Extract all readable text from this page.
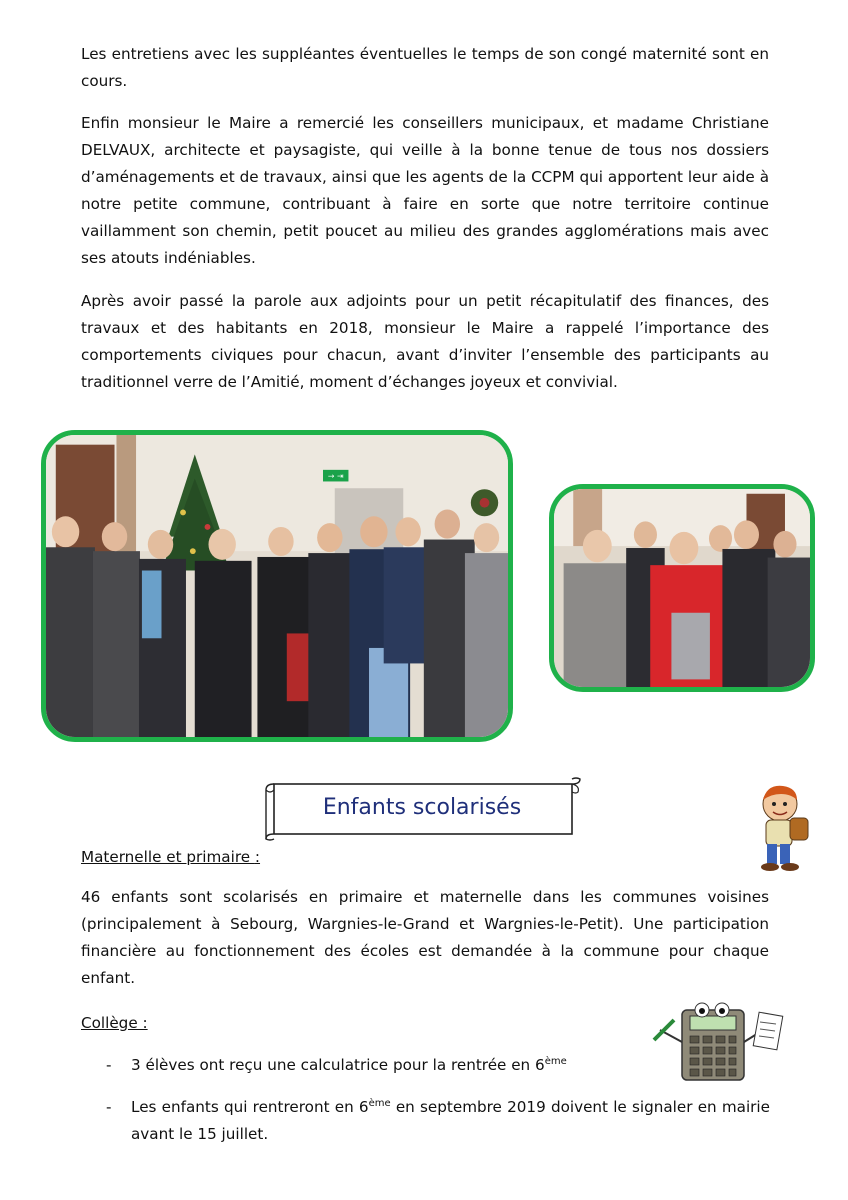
Les entretiens avec les suppléantes éventuelles le temps de son congé maternité sont en cours.

Enfin monsieur le Maire a remercié les conseillers municipaux, et madame Christiane DELVAUX, architecte et paysagiste, qui veille à la bonne tenue de tous nos dossiers d’aménagements et de travaux, ainsi que les agents de la CCPM qui apportent leur aide à notre petite commune, contribuant à faire en sorte que notre territoire continue vaillamment son chemin, petit poucet au milieu des grandes agglomérations mais avec ses atouts indéniables.

Après avoir passé la parole aux adjoints pour un petit récapitulatif des finances, des travaux et des habitants en 2018, monsieur le Maire a rappelé l’importance des comportements civiques pour chacun, avant d’inviter l’ensemble des participants au traditionnel verre de l’Amitié, moment d’échanges joyeux et convivial.

→ ⇥
Enfants scolarisés

Maternelle et primaire :

46 enfants sont scolarisés en primaire et maternelle dans les communes voisines (principalement à Sebourg, Wargnies-le-Grand et Wargnies-le-Petit). Une participation financière au fonctionnement des écoles est demandée à la commune pour chaque enfant.

Collège :

- 3 élèves ont reçu une calculatrice pour la rentrée en 6ème
- Les enfants qui rentreront en 6ème en septembre 2019 doivent le signaler en mairie avant le 15 juillet.
